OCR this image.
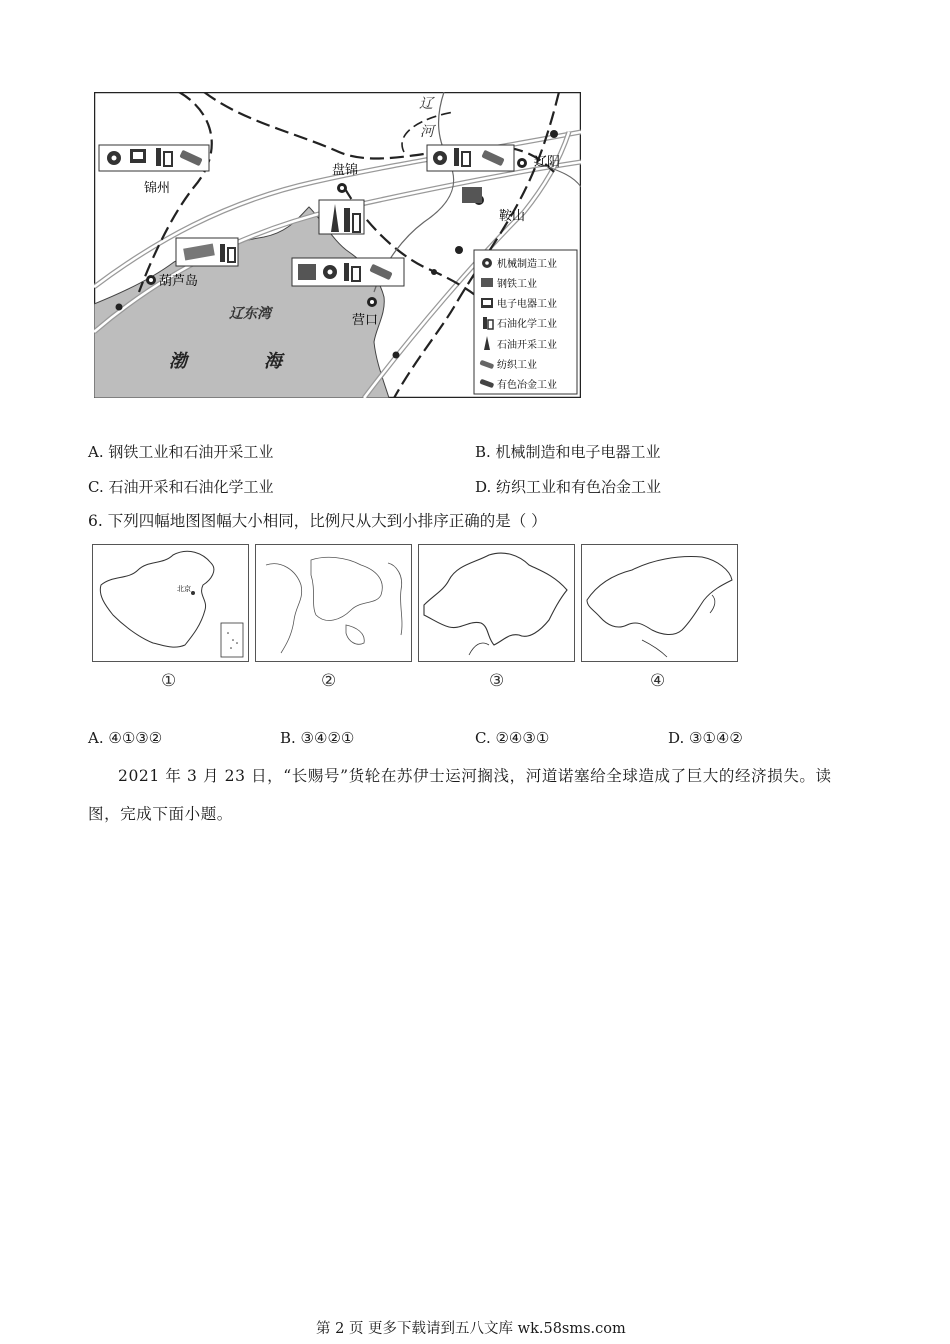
锦州
盘锦
辽阳
鞍山
葫芦岛
营口
辽东湾
渤	海
辽
河
机械制造工业
钢铁工业
电子电器工业
石油化学工业
石油开采工业
纺织工业
有色冶金工业
A. 钢铁工业和石油开采工业	B. 机械制造和电子电器工业
C. 石油开采和石油化学工业	D. 纺织工业和有色冶金工业
6. 下列四幅地图图幅大小相同，比例尺从大到小排序正确的是（ ）
北京
①	②	③	④
A. ④①③②	B. ③④②①	C. ②④③①	D. ③①④②
2021 年 3 月 23 日，“长赐号”货轮在苏伊士运河搁浅，河道诺塞给全球造成了巨大的经济损失。读
图，完成下面小题。
第 2 页 更多下载请到五八文库 wk.58sms.com
